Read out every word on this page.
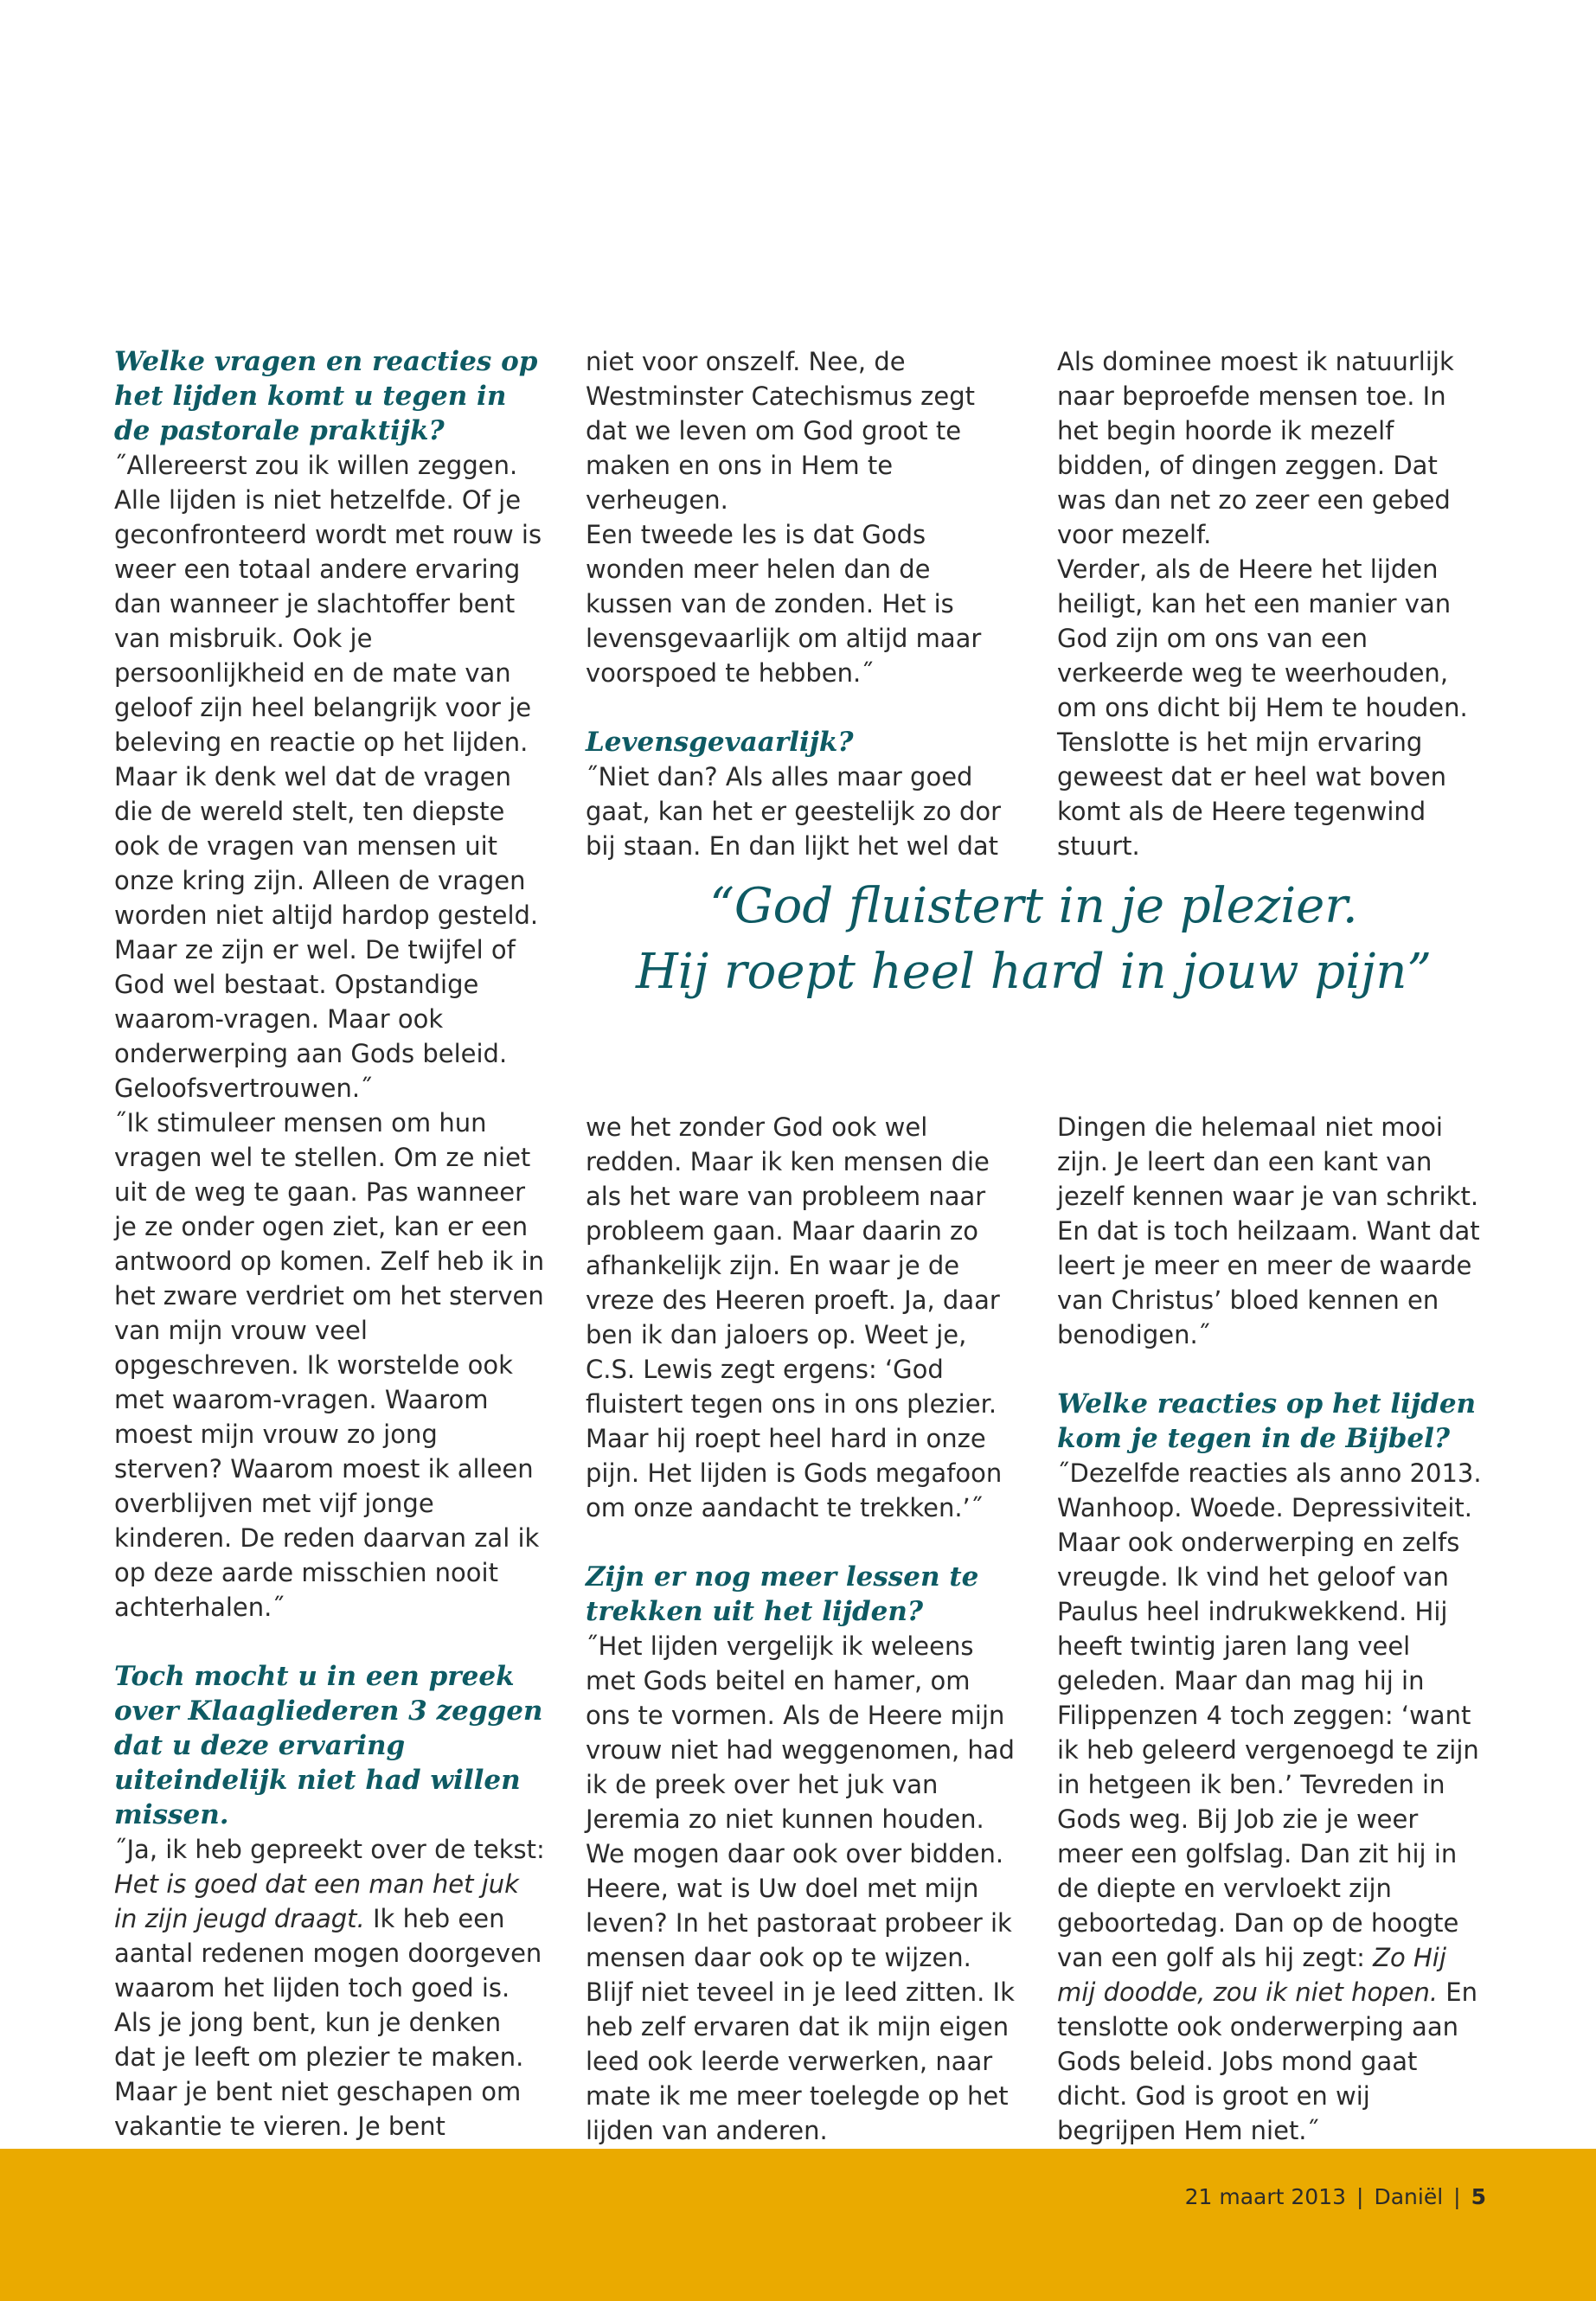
Welke vragen en reacties op het lijden komt u tegen in de pastorale praktijk?

˝Allereerst zou ik willen zeggen. Alle lijden is niet hetzelfde. Of je geconfronteerd wordt met rouw is weer een totaal andere ervaring dan wanneer je slachtoffer bent van misbruik. Ook je persoonlijkheid en de mate van geloof zijn heel belangrijk voor je beleving en reactie op het lijden. Maar ik denk wel dat de vragen die de wereld stelt, ten diepste ook de vragen van mensen uit onze kring zijn. Alleen de vragen worden niet altijd hardop gesteld. Maar ze zijn er wel. De twijfel of God wel bestaat. Opstandige waarom-vragen. Maar ook onderwerping aan Gods beleid. Geloofsvertrouwen.˝

˝Ik stimuleer mensen om hun vragen wel te stellen. Om ze niet uit de weg te gaan. Pas wanneer je ze onder ogen ziet, kan er een antwoord op komen. Zelf heb ik in het zware verdriet om het sterven van mijn vrouw veel opgeschreven. Ik worstelde ook met waarom-vragen. Waarom moest mijn vrouw zo jong sterven? Waarom moest ik alleen overblijven met vijf jonge kinderen. De reden daarvan zal ik op deze aarde misschien nooit achterhalen.˝

Toch mocht u in een preek over Klaagliederen 3 zeggen dat u deze ervaring uiteindelijk niet had willen missen.

˝Ja, ik heb gepreekt over de tekst: Het is goed dat een man het juk in zijn jeugd draagt. Ik heb een aantal redenen mogen doorgeven waarom het lijden toch goed is. Als je jong bent, kun je denken dat je leeft om plezier te maken. Maar je bent niet geschapen om vakantie te vieren. Je bent

niet voor onszelf. Nee, de Westminster Catechismus zegt dat we leven om God groot te maken en ons in Hem te verheugen.

Een tweede les is dat Gods wonden meer helen dan de kussen van de zonden. Het is levensgevaarlijk om altijd maar voorspoed te hebben.˝

Levensgevaarlijk?

˝Niet dan? Als alles maar goed gaat, kan het er geestelijk zo dor bij staan. En dan lijkt het wel dat

Als dominee moest ik natuurlijk naar beproefde mensen toe. In het begin hoorde ik mezelf bidden, of dingen zeggen. Dat was dan net zo zeer een gebed voor mezelf.

Verder, als de Heere het lijden heiligt, kan het een manier van God zijn om ons van een verkeerde weg te weerhouden, om ons dicht bij Hem te houden.

Tenslotte is het mijn ervaring geweest dat er heel wat boven komt als de Heere tegenwind stuurt.

“God fluistert in je plezier.
Hij roept heel hard in jouw pijn”

we het zonder God ook wel redden. Maar ik ken mensen die als het ware van probleem naar probleem gaan. Maar daarin zo afhankelijk zijn. En waar je de vreze des Heeren proeft. Ja, daar ben ik dan jaloers op. Weet je, C.S. Lewis zegt ergens: ‘God fluistert tegen ons in ons plezier. Maar hij roept heel hard in onze pijn. Het lijden is Gods megafoon om onze aandacht te trekken.’˝

Zijn er nog meer lessen te trekken uit het lijden?

˝Het lijden vergelijk ik weleens met Gods beitel en hamer, om ons te vormen. Als de Heere mijn vrouw niet had weggenomen, had ik de preek over het juk van Jeremia zo niet kunnen houden. We mogen daar ook over bidden. Heere, wat is Uw doel met mijn leven? In het pastoraat probeer ik mensen daar ook op te wijzen. Blijf niet teveel in je leed zitten. Ik heb zelf ervaren dat ik mijn eigen leed ook leerde verwerken, naar mate ik me meer toelegde op het lijden van anderen.

Dingen die helemaal niet mooi zijn. Je leert dan een kant van jezelf kennen waar je van schrikt. En dat is toch heilzaam. Want dat leert je meer en meer de waarde van Christus’ bloed kennen en benodigen.˝

Welke reacties op het lijden kom je tegen in de Bijbel?

˝Dezelfde reacties als anno 2013. Wanhoop. Woede. Depressiviteit. Maar ook onderwerping en zelfs vreugde. Ik vind het geloof van Paulus heel indrukwekkend. Hij heeft twintig jaren lang veel geleden. Maar dan mag hij in Filippenzen 4 toch zeggen: ‘want ik heb geleerd vergenoegd te zijn in hetgeen ik ben.’ Tevreden in Gods weg. Bij Job zie je weer meer een golfslag. Dan zit hij in de diepte en vervloekt zijn geboortedag. Dan op de hoogte van een golf als hij zegt: Zo Hij mij doodde, zou ik niet hopen. En tenslotte ook onderwerping aan Gods beleid. Jobs mond gaat dicht. God is groot en wij begrijpen Hem niet.˝

21 maart 2013 | Daniël | 5
